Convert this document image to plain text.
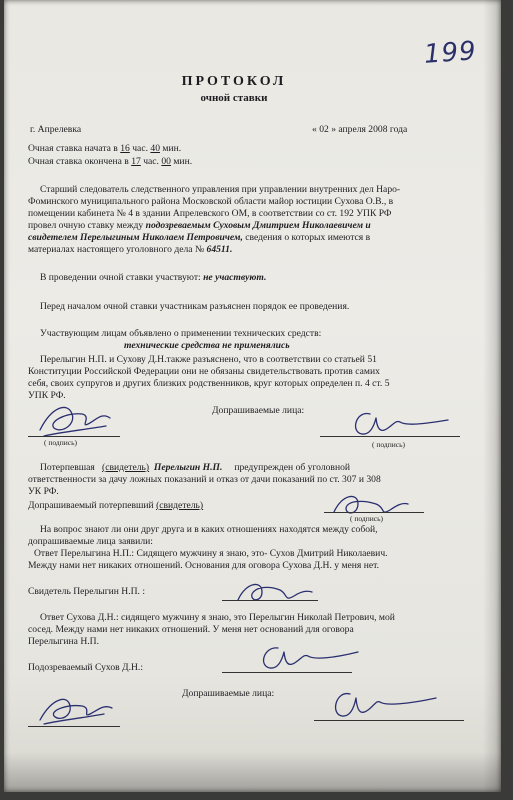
199
ПРОТОКОЛ
очной ставки
г. Апрелевка	« 02 » апреля 2008 года
Очная ставка начата в 16 час. 40 мин.
Очная ставка окончена в 17 час. 00 мин.
Старший следователь следственного управления при управлении внутренних дел Наро-
Фоминского муниципального района Московской области майор юстиции Сухова О.В., в
помещении кабинета № 4 в здании Апрелевского ОМ, в соответствии со ст. 192 УПК РФ
провел очную ставку между подозреваемым Суховым Дмитрием Николаевичем и
свидетелем Перелыгиным Николаем Петровичем, сведения о которых имеются в
материалах настоящего уголовного дела № 64511.
В проведении очной ставки участвуют: не участвуют.
Перед началом очной ставки участникам разъяснен порядок ее проведения.
Участвующим лицам объявлено о применении технических средств:
технические средства не применялись
Перелыгин Н.П. и Сухову Д.Н.также разъяснено, что в соответствии со статьей 51
Конституции Российской Федерации они не обязаны свидетельствовать против самих
себя, своих супругов и других близких родственников, круг которых определен п. 4 ст. 5
УПК РФ.
Допрашиваемые лица:
( подпись)	( подпись)
Потерпевшая (свидетель) Перелыгин Н.П. предупрежден об уголовной
ответственности за дачу ложных показаний и отказ от дачи показаний по ст. 307 и 308
УК РФ.
Допрашиваемый потерпевший (свидетель)
( подпись)
На вопрос знают ли они друг друга и в каких отношениях находятся между собой,
допрашиваемые лица заявили:
Ответ Перелыгина Н.П.: Сидящего мужчину я знаю, это- Сухов Дмитрий Николаевич.
Между нами нет никаких отношений. Основания для оговора Сухова Д.Н. у меня нет.
Свидетель Перелыгин Н.П. :
Ответ Сухова Д.Н.: сидящего мужчину я знаю, это Перелыгин Николай Петрович, мой
сосед. Между нами нет никаких отношений. У меня нет оснований для оговора
Перелыгина Н.П.
Подозреваемый Сухов Д.Н.:
Допрашиваемые лица:
